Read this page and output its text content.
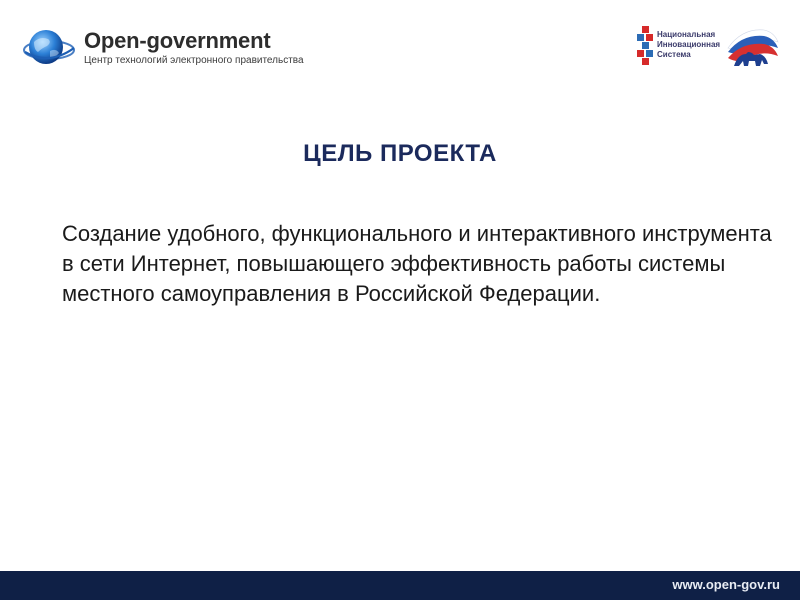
Open-government
Центр технологий электронного правительства
Национальная
Инновационная
Система
ЦЕЛЬ ПРОЕКТА
Создание удобного, функционального и интерактивного инструмента в сети Интернет, повышающего эффективность работы системы местного самоуправления в Российской Федерации.
www.open-gov.ru
